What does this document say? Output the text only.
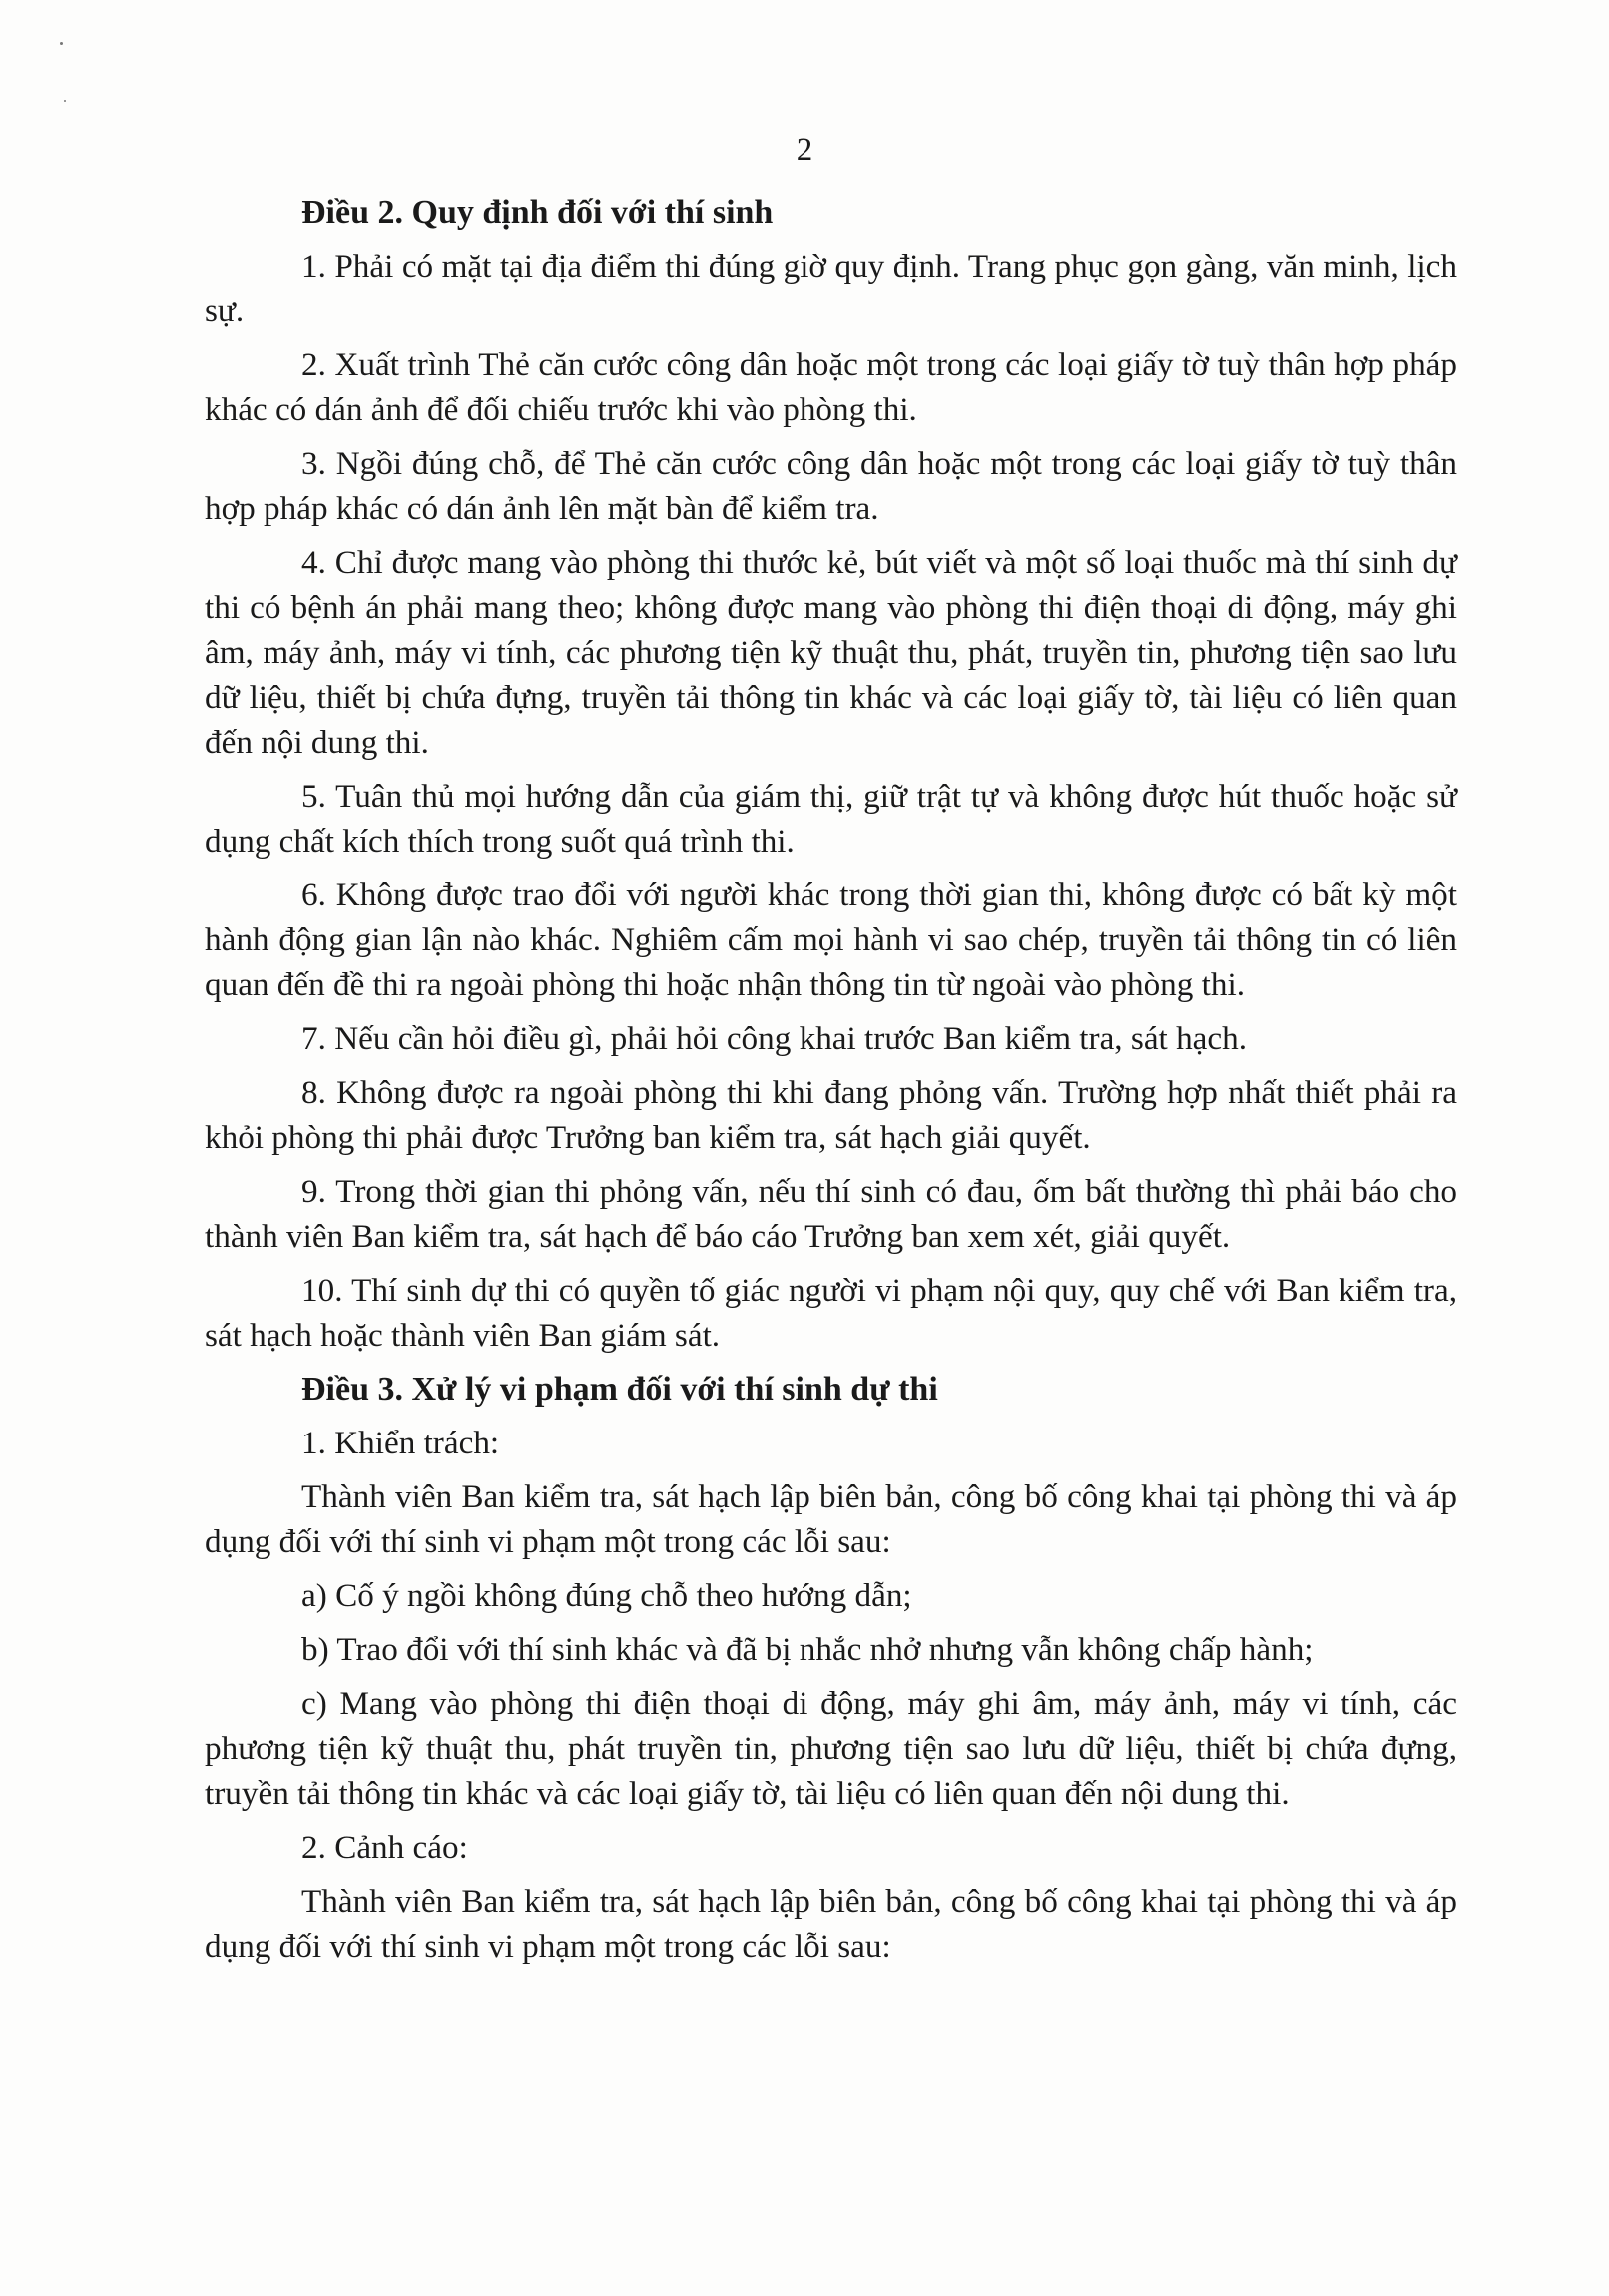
2

Điều 2. Quy định đối với thí sinh

1. Phải có mặt tại địa điểm thi đúng giờ quy định. Trang phục gọn gàng, văn minh, lịch sự.

2. Xuất trình Thẻ căn cước công dân hoặc một trong các loại giấy tờ tuỳ thân hợp pháp khác có dán ảnh để đối chiếu trước khi vào phòng thi.

3. Ngồi đúng chỗ, để Thẻ căn cước công dân hoặc một trong các loại giấy tờ tuỳ thân hợp pháp khác có dán ảnh lên mặt bàn để kiểm tra.

4. Chỉ được mang vào phòng thi thước kẻ, bút viết và một số loại thuốc mà thí sinh dự thi có bệnh án phải mang theo; không được mang vào phòng thi điện thoại di động, máy ghi âm, máy ảnh, máy vi tính, các phương tiện kỹ thuật thu, phát, truyền tin, phương tiện sao lưu dữ liệu, thiết bị chứa đựng, truyền tải thông tin khác và các loại giấy tờ, tài liệu có liên quan đến nội dung thi.

5. Tuân thủ mọi hướng dẫn của giám thị, giữ trật tự và không được hút thuốc hoặc sử dụng chất kích thích trong suốt quá trình thi.

6. Không được trao đổi với người khác trong thời gian thi, không được có bất kỳ một hành động gian lận nào khác. Nghiêm cấm mọi hành vi sao chép, truyền tải thông tin có liên quan đến đề thi ra ngoài phòng thi hoặc nhận thông tin từ ngoài vào phòng thi.

7. Nếu cần hỏi điều gì, phải hỏi công khai trước Ban kiểm tra, sát hạch.

8. Không được ra ngoài phòng thi khi đang phỏng vấn. Trường hợp nhất thiết phải ra khỏi phòng thi phải được Trưởng ban kiểm tra, sát hạch giải quyết.

9. Trong thời gian thi phỏng vấn, nếu thí sinh có đau, ốm bất thường thì phải báo cho thành viên Ban kiểm tra, sát hạch để báo cáo Trưởng ban xem xét, giải quyết.

10. Thí sinh dự thi có quyền tố giác người vi phạm nội quy, quy chế với Ban kiểm tra, sát hạch hoặc thành viên Ban giám sát.

Điều 3. Xử lý vi phạm đối với thí sinh dự thi

1. Khiển trách:

Thành viên Ban kiểm tra, sát hạch lập biên bản, công bố công khai tại phòng thi và áp dụng đối với thí sinh vi phạm một trong các lỗi sau:

a) Cố ý ngồi không đúng chỗ theo hướng dẫn;

b) Trao đổi với thí sinh khác và đã bị nhắc nhở nhưng vẫn không chấp hành;

c) Mang vào phòng thi điện thoại di động, máy ghi âm, máy ảnh, máy vi tính, các phương tiện kỹ thuật thu, phát truyền tin, phương tiện sao lưu dữ liệu, thiết bị chứa đựng, truyền tải thông tin khác và các loại giấy tờ, tài liệu có liên quan đến nội dung thi.

2. Cảnh cáo:

Thành viên Ban kiểm tra, sát hạch lập biên bản, công bố công khai tại phòng thi và áp dụng đối với thí sinh vi phạm một trong các lỗi sau:
